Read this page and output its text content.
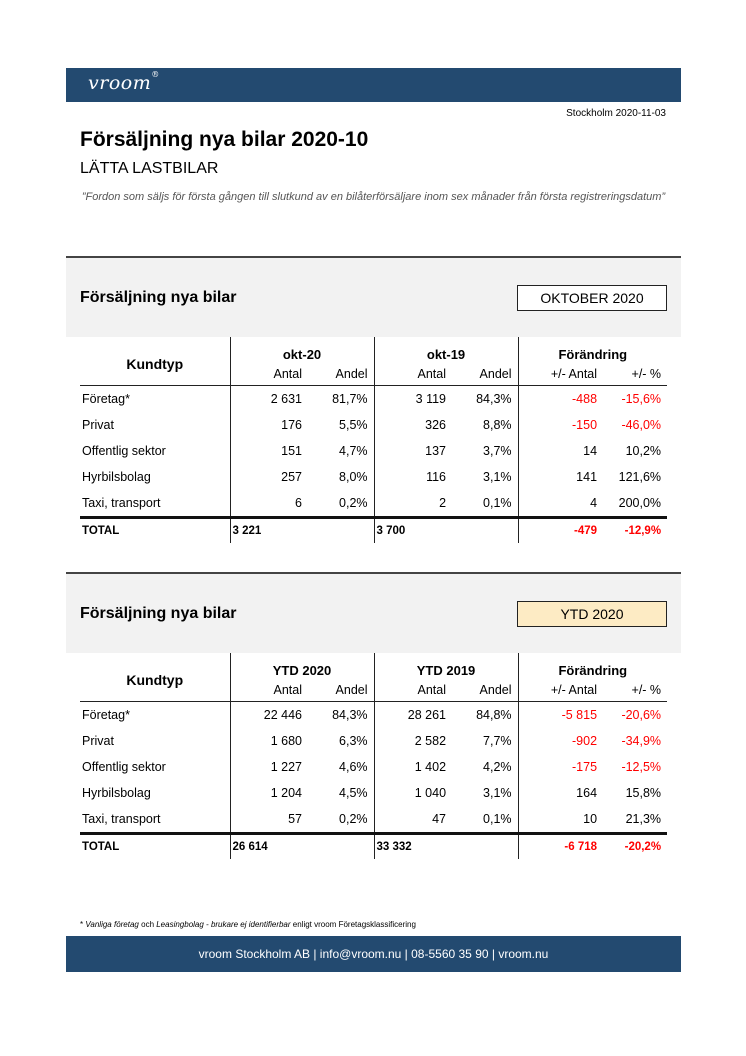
vroom®
Stockholm 2020-11-03
Försäljning nya bilar 2020-10
LÄTTA LASTBILAR
”Fordon som säljs för första gången till slutkund av en bilåterförsäljare inom sex månader från första registreringsdatum”
Försäljning nya bilar	OKTOBER 2020
Kundtyp	okt-20		okt-19		Förändring	
	Antal	Andel	Antal	Andel	+/- Antal	+/- %
Företag*	2 631	81,7%	3 119	84,3%	-488	-15,6%
Privat	176	5,5%	326	8,8%	-150	-46,0%
Offentlig sektor	151	4,7%	137	3,7%	14	10,2%
Hyrbilsbolag	257	8,0%	116	3,1%	141	121,6%
Taxi, transport	6	0,2%	2	0,1%	4	200,0%
TOTAL	3 221		3 700		-479	-12,9%
Försäljning nya bilar	YTD 2020
Kundtyp	YTD 2020		YTD 2019		Förändring	
	Antal	Andel	Antal	Andel	+/- Antal	+/- %
Företag*	22 446	84,3%	28 261	84,8%	-5 815	-20,6%
Privat	1 680	6,3%	2 582	7,7%	-902	-34,9%
Offentlig sektor	1 227	4,6%	1 402	4,2%	-175	-12,5%
Hyrbilsbolag	1 204	4,5%	1 040	3,1%	164	15,8%
Taxi, transport	57	0,2%	47	0,1%	10	21,3%
TOTAL	26 614		33 332		-6 718	-20,2%
* Vanliga företag och Leasingbolag - brukare ej identifierbar enligt vroom Företagsklassificering
vroom Stockholm AB | info@vroom.nu | 08-5560 35 90 | vroom.nu
